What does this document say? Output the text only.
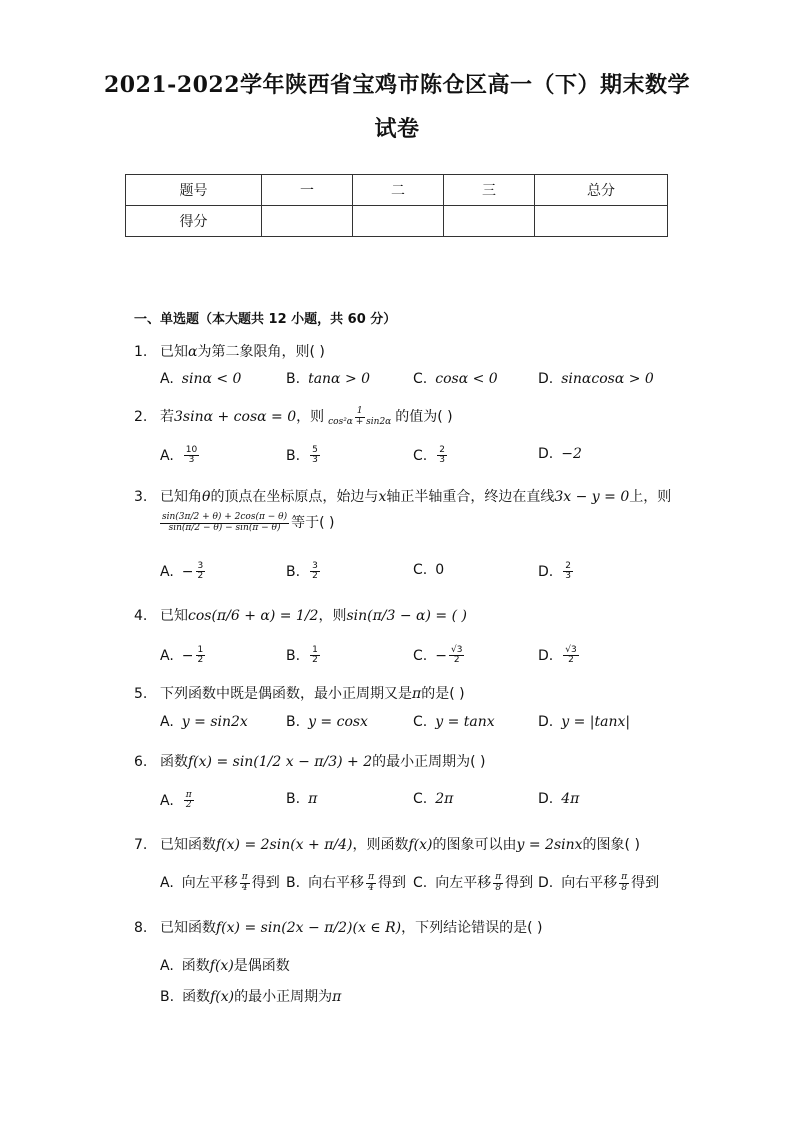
2021-2022学年陕西省宝鸡市陈仓区高一（下）期末数学
试卷
题号	一	二	三	总分
得分				
一、单选题（本大题共 12 小题，共 60 分）
1. 已知α为第二象限角，则( )
A. sinα < 0	B. tanα > 0	C. cosα < 0	D. sinαcosα > 0
2. 若3sinα + cosα = 0，则 $\frac{1}{\text{cos²α + sin2α}}$ 的值为( )
A. $\frac{10}{3}$	B. $\frac{5}{3}$	C. $\frac{2}{3}$	D. −2
3. 已知角θ的顶点在坐标原点，始边与x轴正半轴重合，终边在直线3x − y = 0上，则
$\frac{\sin(3\pi/2 + \theta) + 2\cos(\pi - \theta)}{\sin(\pi/2 - \theta) - \sin(\pi - \theta)}$ 等于( )
A. − $\frac{3}{2}$	B. $\frac{3}{2}$	C. 0	D. $\frac{2}{3}$
4. 已知cos(π/6 + α) = 1/2，则sin(π/3 − α) = ( )
A. − $\frac{1}{2}$	B. $\frac{1}{2}$	C. − $\frac{√3}{2}$	D. $\frac{√3}{2}$
5. 下列函数中既是偶函数，最小正周期又是π的是( )
A. y = sin2x	B. y = cosx	C. y = tanx	D. y = |tanx|
6. 函数f(x) = sin(1/2 x − π/3) + 2的最小正周期为( )
A. $\frac{\pi}{2}$	B. π	C. 2π	D. 4π
7. 已知函数f(x) = 2sin(x + π/4)，则函数f(x)的图象可以由y = 2sinx的图象( )
A. 向左平移 $\frac{\pi}{4}$ 得到 B. 向右平移 $\frac{\pi}{4}$ 得到 C. 向左平移 $\frac{\pi}{8}$ 得到 D. 向右平移 $\frac{\pi}{8}$ 得到
8. 已知函数f(x) = sin(2x − π/2)(x ∈ R)，下列结论错误的是( )
A. 函数f(x)是偶函数
B. 函数f(x)的最小正周期为π
